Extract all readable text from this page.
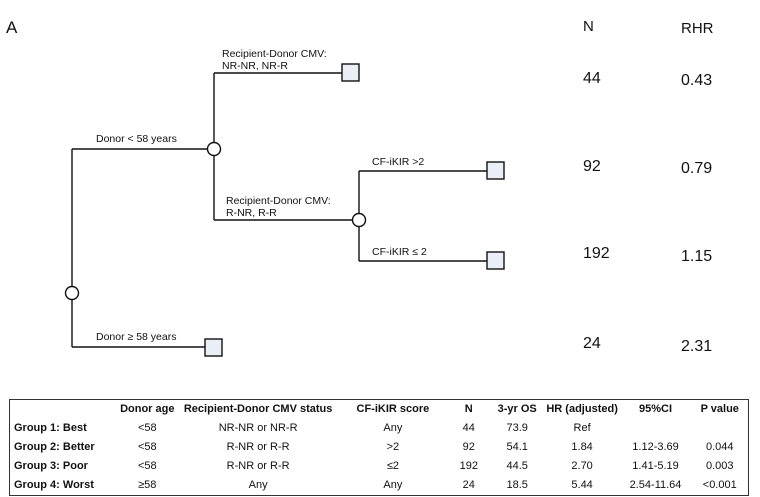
A
Donor < 58 years
Donor ≥ 58 years
Recipient-Donor CMV:
NR-NR, NR-R
Recipient-Donor CMV:
R-NR, R-R
CF-iKIR >2
CF-iKIR ≤ 2
N	RHR
44	0.43
92	0.79
192	1.15
24	2.31
	Donor age	Recipient-Donor CMV status	CF-iKIR score	N	3-yr OS	HR (adjusted)	95%CI	P value
Group 1: Best	<58	NR-NR or NR-R	Any	44	73.9	Ref		
Group 2: Better	<58	R-NR or R-R	>2	92	54.1	1.84	1.12-3.69	0.044
Group 3: Poor	<58	R-NR or R-R	≤2	192	44.5	2.70	1.41-5.19	0.003
Group 4: Worst	≥58	Any	Any	24	18.5	5.44	2.54-11.64	<0.001
